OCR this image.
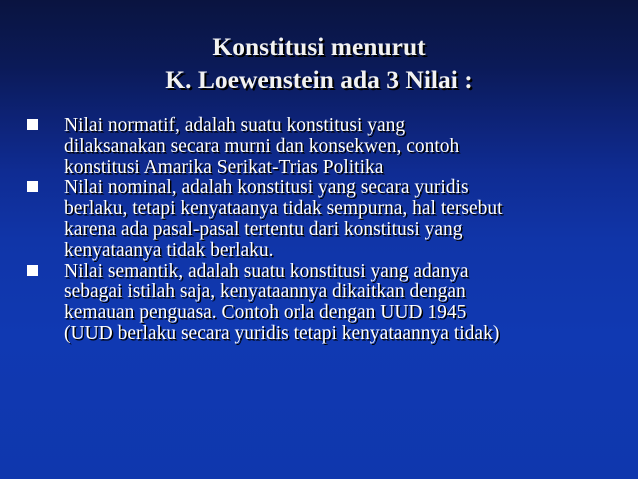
Konstitusi menurut
K. Loewenstein ada 3 Nilai :
Nilai normatif, adalah suatu konstitusi yang
dilaksanakan secara murni dan konsekwen, contoh
konstitusi Amarika Serikat-Trias Politika
Nilai nominal, adalah konstitusi yang secara yuridis
berlaku, tetapi kenyataanya tidak sempurna, hal tersebut
karena ada pasal-pasal tertentu dari konstitusi yang
kenyataanya tidak berlaku.
Nilai semantik, adalah suatu konstitusi yang adanya
sebagai istilah saja, kenyataannya dikaitkan dengan
kemauan penguasa. Contoh orla dengan UUD 1945
(UUD berlaku secara yuridis tetapi kenyataannya tidak)
